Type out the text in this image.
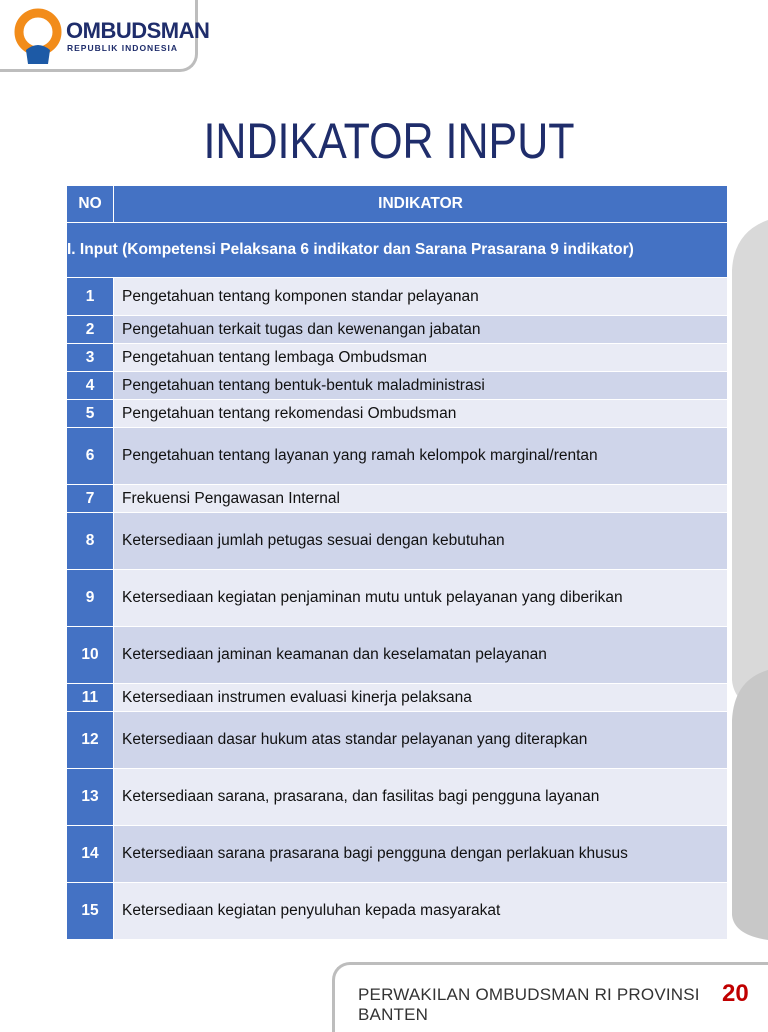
OMBUDSMAN
REPUBLIK INDONESIA
INDIKATOR INPUT
NO	INDIKATOR
I. Input (Kompetensi Pelaksana 6 indikator dan Sarana Prasarana 9 indikator)	
1	Pengetahuan tentang komponen standar pelayanan
2	Pengetahuan terkait tugas dan kewenangan jabatan
3	Pengetahuan tentang lembaga Ombudsman
4	Pengetahuan tentang bentuk-bentuk maladministrasi
5	Pengetahuan tentang rekomendasi Ombudsman
6	Pengetahuan tentang layanan yang ramah kelompok marginal/rentan
7	Frekuensi Pengawasan Internal
8	Ketersediaan jumlah petugas sesuai dengan kebutuhan
9	Ketersediaan kegiatan penjaminan mutu untuk pelayanan yang diberikan
10	Ketersediaan jaminan keamanan dan keselamatan pelayanan
11	Ketersediaan instrumen evaluasi kinerja pelaksana
12	Ketersediaan dasar hukum atas standar pelayanan yang diterapkan
13	Ketersediaan sarana, prasarana, dan fasilitas bagi pengguna layanan
14	Ketersediaan sarana prasarana bagi pengguna dengan perlakuan khusus
15	Ketersediaan kegiatan penyuluhan kepada masyarakat
PERWAKILAN OMBUDSMAN RI PROVINSI BANTEN
20
